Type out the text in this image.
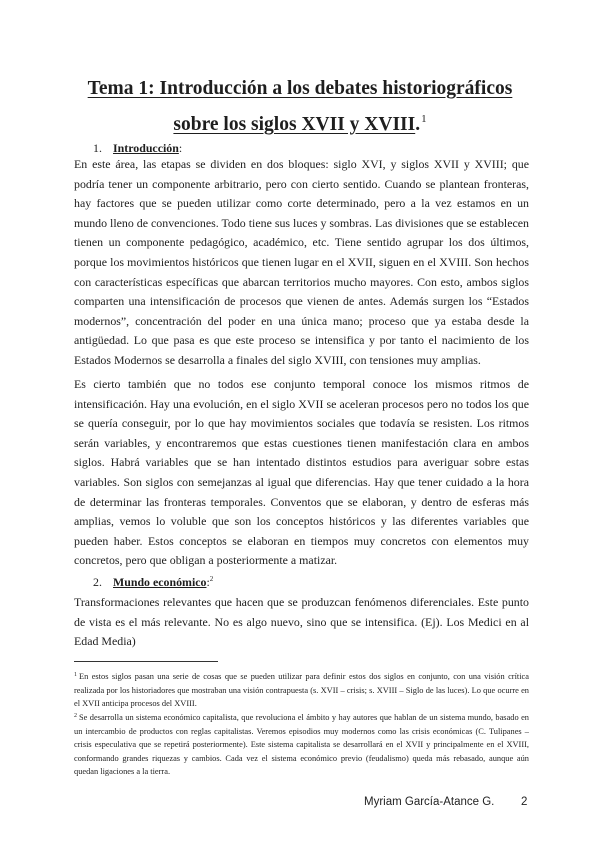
Tema 1: Introducción a los debates historiográficos
sobre los siglos XVII y XVIII.$^1$
1. Introducción:
En este área, las etapas se dividen en dos bloques: siglo XVI, y siglos XVII y XVIII; que podría tener un componente arbitrario, pero con cierto sentido. Cuando se plantean fronteras, hay factores que se pueden utilizar como corte determinado, pero a la vez estamos en un mundo lleno de convenciones. Todo tiene sus luces y sombras. Las divisiones que se establecen tienen un componente pedagógico, académico, etc. Tiene sentido agrupar los dos últimos, porque los movimientos históricos que tienen lugar en el XVII, siguen en el XVIII. Son hechos con características específicas que abarcan territorios mucho mayores. Con esto, ambos siglos comparten una intensificación de procesos que vienen de antes. Además surgen los “Estados modernos”, concentración del poder en una única mano; proceso que ya estaba desde la antigüedad. Lo que pasa es que este proceso se intensifica y por tanto el nacimiento de los Estados Modernos se desarrolla a finales del siglo XVIII, con tensiones muy amplias.
Es cierto también que no todos ese conjunto temporal conoce los mismos ritmos de intensificación. Hay una evolución, en el siglo XVII se aceleran procesos pero no todos los que se quería conseguir, por lo que hay movimientos sociales que todavía se resisten. Los ritmos serán variables, y encontraremos que estas cuestiones tienen manifestación clara en ambos siglos. Habrá variables que se han intentado distintos estudios para averiguar sobre estas variables. Son siglos con semejanzas al igual que diferencias. Hay que tener cuidado a la hora de determinar las fronteras temporales. Conventos que se elaboran, y dentro de esferas más amplias, vemos lo voluble que son los conceptos históricos y las diferentes variables que pueden haber. Estos conceptos se elaboran en tiempos muy concretos con elementos muy concretos, pero que obligan a posteriormente a matizar.
2. Mundo económico:$^2$
Transformaciones relevantes que hacen que se produzcan fenómenos diferenciales. Este punto de vista es el más relevante. No es algo nuevo, sino que se intensifica. (Ej). Los Medici en al Edad Media)
$^1$ En estos siglos pasan una serie de cosas que se pueden utilizar para definir estos dos siglos en conjunto, con una visión crítica realizada por los historiadores que mostraban una visión contrapuesta (s. XVII – crisis; s. XVIII – Siglo de las luces). Lo que ocurre en el XVII anticipa procesos del XVIII.
$^2$ Se desarrolla un sistema económico capitalista, que revoluciona el ámbito y hay autores que hablan de un sistema mundo, basado en un intercambio de productos con reglas capitalistas. Veremos episodios muy modernos como las crisis económicas (C. Tulipanes – crisis especulativa que se repetirá posteriormente). Este sistema capitalista se desarrollará en el XVII y principalmente en el XVIII, conformando grandes riquezas y cambios. Cada vez el sistema económico previo (feudalismo) queda más rebasado, aunque aún quedan ligaciones a la tierra.
Myriam García-Atance G. 2
